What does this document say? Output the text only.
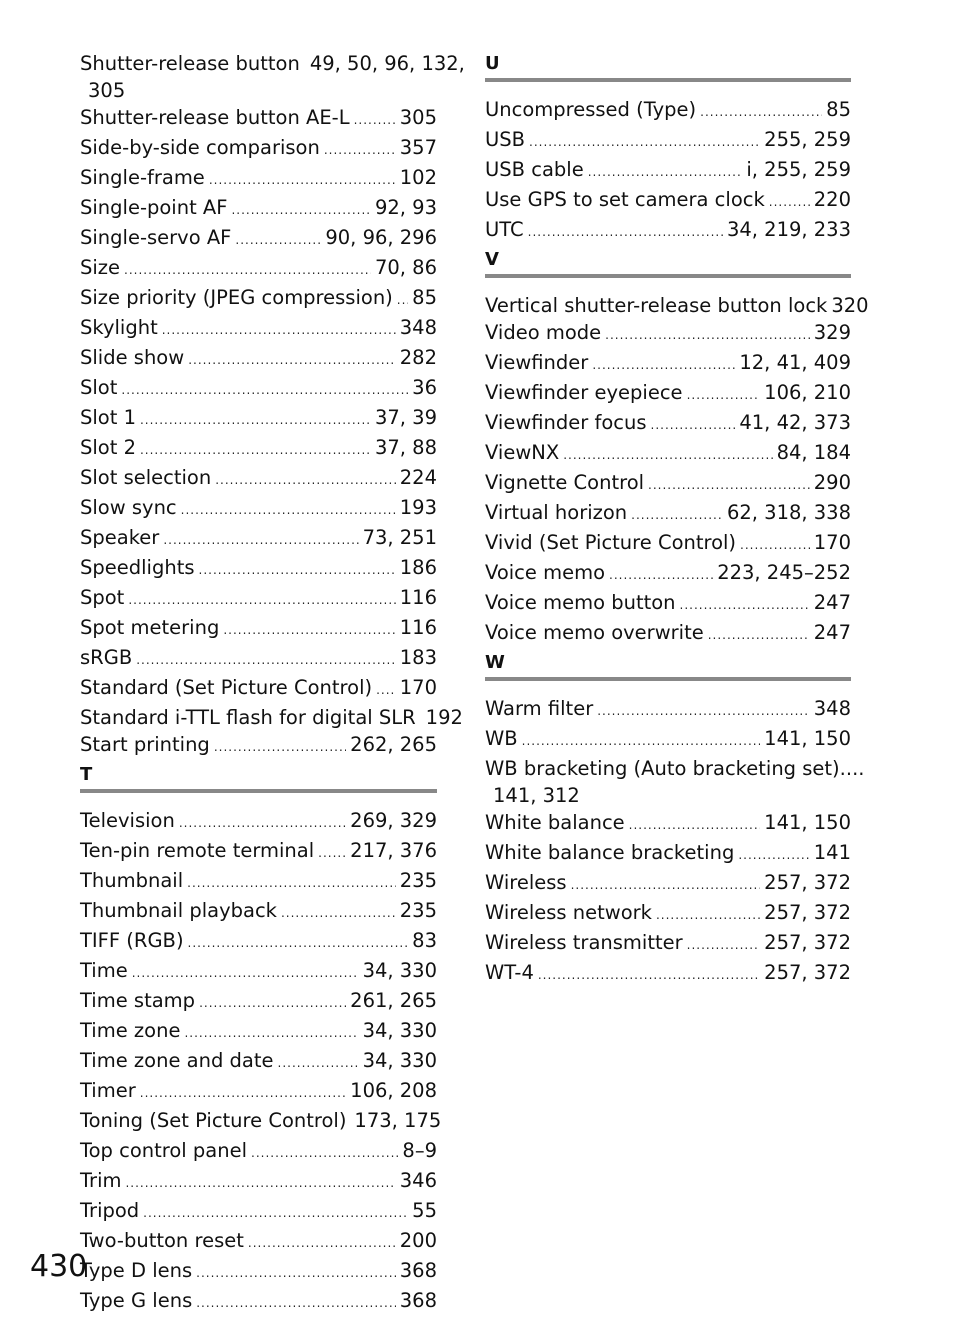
Shutter-release button 49, 50, 96, 132,
305
Shutter-release button AE-L .....	305
Side-by-side comparison .....	357
Single-frame .....	102
Single-point AF .....	92, 93
Single-servo AF .....	90, 96, 296
Size .....	70, 86
Size priority (JPEG compression) ..... 85
Skylight .....	348
Slide show .....	282
Slot .....	36
Slot 1 .....	37, 39
Slot 2 .....	37, 88
Slot selection .....	224
Slow sync .....	193
Speaker .....	73, 251
Speedlights .....	186
Spot .....	116
Spot metering .....	116
sRGB .....	183
Standard (Set Picture Control) ..... 170
Standard i-TTL flash for digital SLR 192
Start printing .....	262, 265
T
Television .....	269, 329
Ten-pin remote terminal ..... 217, 376
Thumbnail .....	235
Thumbnail playback .....	235
TIFF (RGB) .....	83
Time .....	34, 330
Time stamp .....	261, 265
Time zone .....	34, 330
Time zone and date .....	34, 330
Timer .....	106, 208
Toning (Set Picture Control) 173, 175
Top control panel .....	8–9
Trim .....	346
Tripod .....	55
Two-button reset .....	200
Type D lens .....	368
Type G lens .....	368
U
Uncompressed (Type) .....	85
USB .....	255, 259
USB cable .....	i, 255, 259
Use GPS to set camera clock .....	220
UTC .....	34, 219, 233
V
Vertical shutter-release button lock 320
Video mode .....	329
Viewfinder .....	12, 41, 409
Viewfinder eyepiece .....	106, 210
Viewfinder focus .....	41, 42, 373
ViewNX .....	84, 184
Vignette Control .....	290
Virtual horizon .....	62, 318, 338
Vivid (Set Picture Control) .....	170
Voice memo .....	223, 245–252
Voice memo button .....	247
Voice memo overwrite .....	247
W
Warm filter .....	348
WB .....	141, 150
WB bracketing (Auto bracketing set)....
141, 312
White balance .....	141, 150
White balance bracketing .....	141
Wireless .....	257, 372
Wireless network .....	257, 372
Wireless transmitter .....	257, 372
WT-4 .....	257, 372
430
